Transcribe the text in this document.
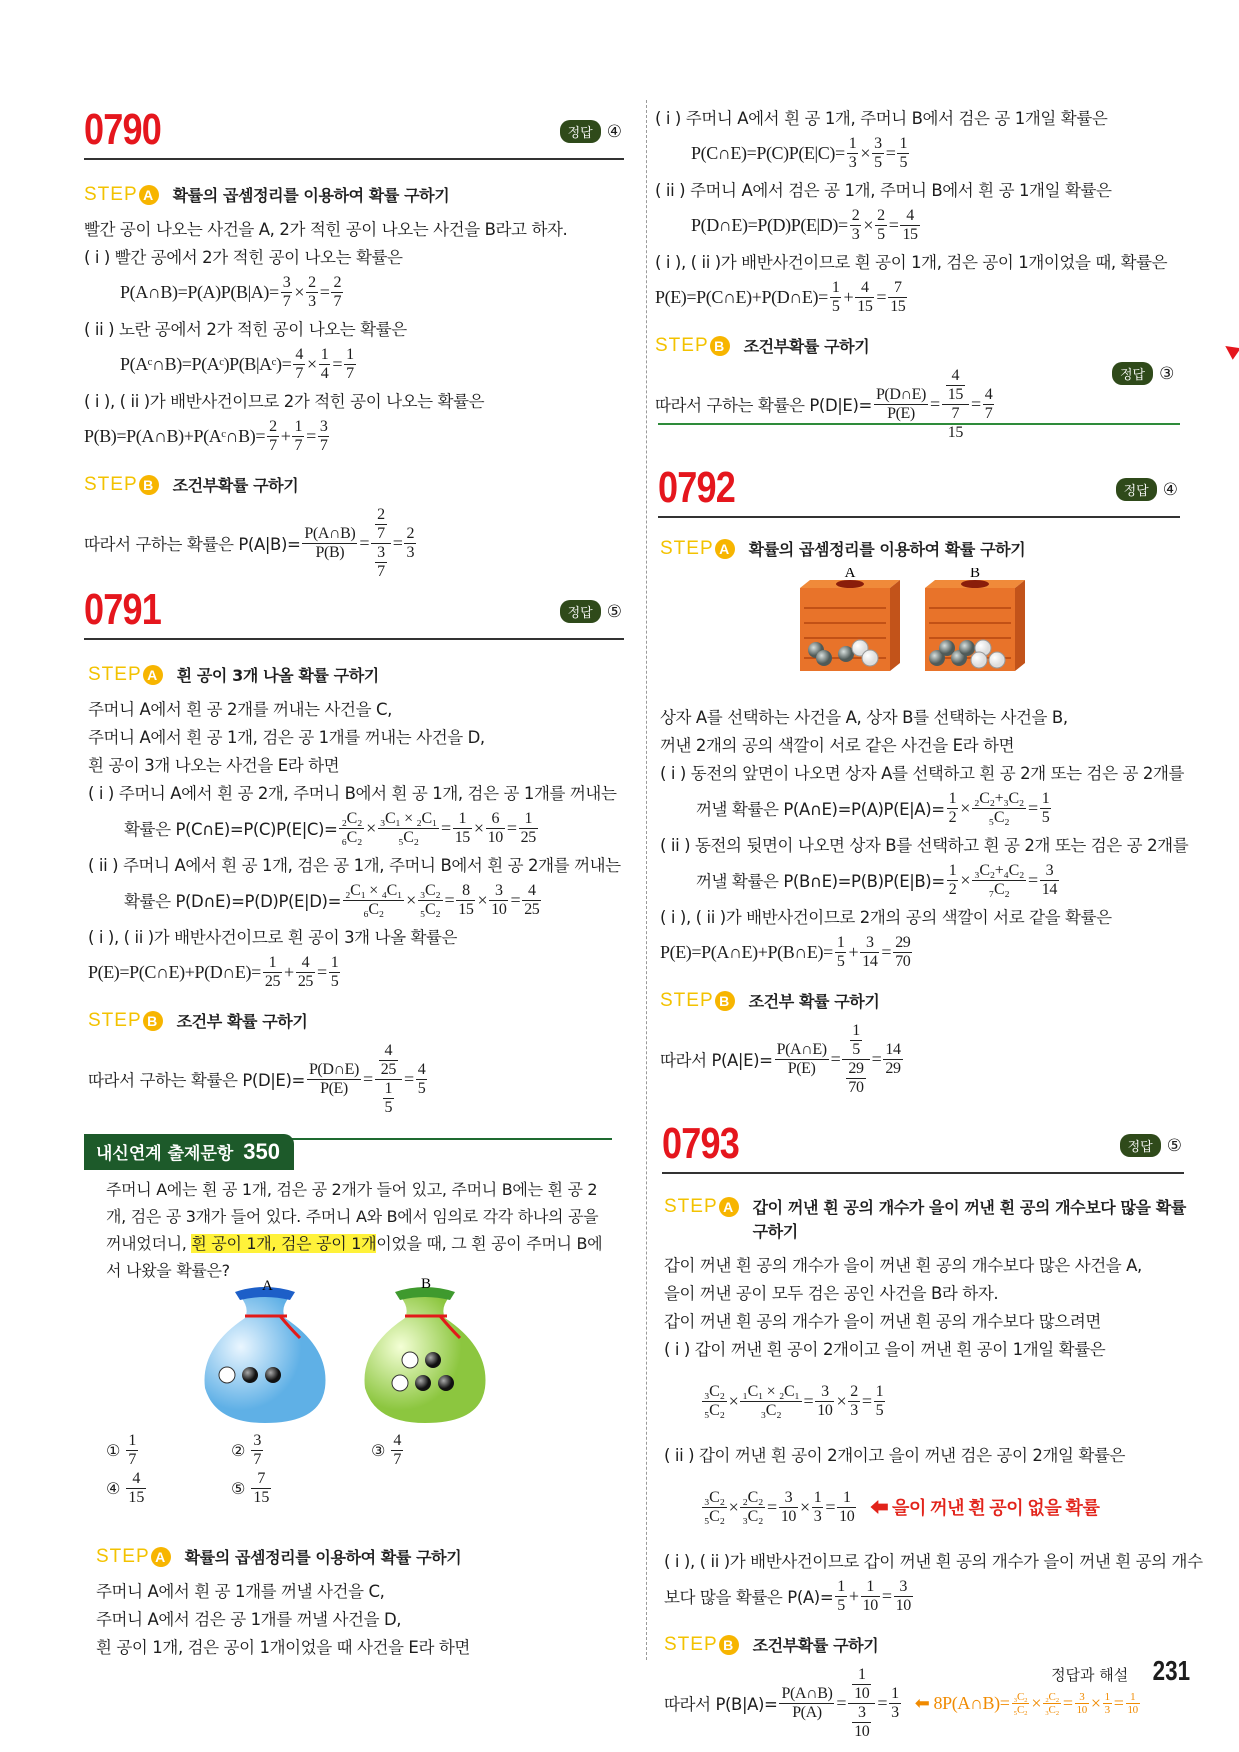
0790	정답 ④
STEP A 확률의 곱셈정리를 이용하여 확률 구하기
빨간 공이 나오는 사건을 A, 2가 적힌 공이 나오는 사건을 B라고 하자.
( i ) 빨간 공에서 2가 적힌 공이 나오는 확률은
P(A∩B)=P(A)P(B|A)= $\frac{3}{7} \times \frac{2}{3} = \frac{2}{7}$
( ii ) 노란 공에서 2가 적힌 공이 나오는 확률은
P(Aᶜ∩B)=P(Aᶜ)P(B|Aᶜ)= $\frac{4}{7} \times \frac{1}{4} = \frac{1}{7}$
( i ), ( ii )가 배반사건이므로 2가 적힌 공이 나오는 확률은
P(B)=P(A∩B)+P(Aᶜ∩B)= $\frac{2}{7} + \frac{1}{7} = \frac{3}{7}$
STEP B 조건부확률 구하기
따라서 구하는 확률은 $P(A|B)= \frac{P(A\cap B)}{P(B)} = \frac{\frac{2}{7}}{\frac{3}{7}} = \frac{2}{3}$
0791	정답 ⑤
STEP A 흰 공이 3개 나올 확률 구하기
주머니 A에서 흰 공 2개를 꺼내는 사건을 C,
주머니 A에서 흰 공 1개, 검은 공 1개를 꺼내는 사건을 D,
흰 공이 3개 나오는 사건을 E라 하면
( i ) 주머니 A에서 흰 공 2개, 주머니 B에서 흰 공 1개, 검은 공 1개를 꺼내는
확률은 P(C∩E)=P(C)P(E|C)= $\frac{\text{₂C₂}}{\text{₆C₂}} \times \frac{\text{₃C₁ × ₂C₁}}{\text{₅C₂}} = \frac{1}{15} \times \frac{6}{10} = \frac{1}{25}$
( ii ) 주머니 A에서 흰 공 1개, 검은 공 1개, 주머니 B에서 흰 공 2개를 꺼내는
확률은 P(D∩E)=P(D)P(E|D)= $\frac{\text{₂C₁ × ₄C₁}}{\text{₆C₂}} \times \frac{\text{₃C₂}}{\text{₅C₂}} = \frac{8}{15} \times \frac{3}{10} = \frac{4}{25}$
( i ), ( ii )가 배반사건이므로 흰 공이 3개 나올 확률은
P(E)=P(C∩E)+P(D∩E)= $\frac{1}{25} + \frac{4}{25} = \frac{1}{5}$
STEP B 조건부 확률 구하기
따라서 구하는 확률은 $P(D|E)= \frac{P(D\cap E)}{P(E)} = \frac{\frac{4}{25}}{\frac{1}{5}} = \frac{4}{5}$
내신연계 출제문항 350
주머니 A에는 흰 공 1개, 검은 공 2개가 들어 있고, 주머니 B에는 흰 공 2개, 검은 공 3개가 들어 있다. 주머니 A와 B에서 임의로 각각 하나의 공을 꺼내었더니, 흰 공이 1개, 검은 공이 1개이었을 때, 그 흰 공이 주머니 B에서 나왔을 확률은?
A	B
① $\frac{1}{7}$	② $\frac{3}{7}$	③ $\frac{4}{7}$
④ $\frac{4}{15}$	⑤ $\frac{7}{15}$
STEP A 확률의 곱셈정리를 이용하여 확률 구하기
주머니 A에서 흰 공 1개를 꺼낼 사건을 C,
주머니 A에서 검은 공 1개를 꺼낼 사건을 D,
흰 공이 1개, 검은 공이 1개이었을 때 사건을 E라 하면
( i ) 주머니 A에서 흰 공 1개, 주머니 B에서 검은 공 1개일 확률은
P(C∩E)=P(C)P(E|C)= $\frac{1}{3} \times \frac{3}{5} = \frac{1}{5}$
( ii ) 주머니 A에서 검은 공 1개, 주머니 B에서 흰 공 1개일 확률은
P(D∩E)=P(D)P(E|D)= $\frac{2}{3} \times \frac{2}{5} = \frac{4}{15}$
( i ), ( ii )가 배반사건이므로 흰 공이 1개, 검은 공이 1개이었을 때, 확률은
P(E)=P(C∩E)+P(D∩E)= $\frac{1}{5} + \frac{4}{15} = \frac{7}{15}$
STEP B 조건부확률 구하기
따라서 구하는 확률은 $P(D|E)= \frac{P(D\cap E)}{P(E)} = \frac{\frac{4}{15}}{\frac{7}{15}} = \frac{4}{7}$
정답 ③
0792	정답 ④
STEP A 확률의 곱셈정리를 이용하여 확률 구하기
A	B
상자 A를 선택하는 사건을 A, 상자 B를 선택하는 사건을 B,
꺼낸 2개의 공의 색깔이 서로 같은 사건을 E라 하면
( i ) 동전의 앞면이 나오면 상자 A를 선택하고 흰 공 2개 또는 검은 공 2개를
꺼낼 확률은 P(A∩E)=P(A)P(E|A)= $\frac{1}{2} \times \frac{\text{₂C₂+₃C₂}}{\text{₅C₂}} = \frac{1}{5}$
( ii ) 동전의 뒷면이 나오면 상자 B를 선택하고 흰 공 2개 또는 검은 공 2개를
꺼낼 확률은 P(B∩E)=P(B)P(E|B)= $\frac{1}{2} \times \frac{\text{₃C₂+₄C₂}}{\text{₇C₂}} = \frac{3}{14}$
( i ), ( ii )가 배반사건이므로 2개의 공의 색깔이 서로 같을 확률은
P(E)=P(A∩E)+P(B∩E)= $\frac{1}{5} + \frac{3}{14} = \frac{29}{70}$
STEP B 조건부 확률 구하기
따라서 $P(A|E)= \frac{P(A\cap E)}{P(E)} = \frac{\frac{1}{5}}{\frac{29}{70}} = \frac{14}{29}$
0793	정답 ⑤
STEP A 갑이 꺼낸 흰 공의 개수가 을이 꺼낸 흰 공의 개수보다 많을 확률 구하기
갑이 꺼낸 흰 공의 개수가 을이 꺼낸 흰 공의 개수보다 많은 사건을 A,
을이 꺼낸 공이 모두 검은 공인 사건을 B라 하자.
갑이 꺼낸 흰 공의 개수가 을이 꺼낸 흰 공의 개수보다 많으려면
( i ) 갑이 꺼낸 흰 공이 2개이고 을이 꺼낸 흰 공이 1개일 확률은
$\frac{\text{₃C₂}}{\text{₅C₂}} \times \frac{\text{₁C₁ × ₂C₁}}{\text{₃C₂}} = \frac{3}{10} \times \frac{2}{3} = \frac{1}{5}$
( ii ) 갑이 꺼낸 흰 공이 2개이고 을이 꺼낸 검은 공이 2개일 확률은
$\frac{\text{₃C₂}}{\text{₅C₂}} \times \frac{\text{₂C₂}}{\text{₃C₂}} = \frac{3}{10} \times \frac{1}{3} = \frac{1}{10}$ ⬅ 을이 꺼낸 흰 공이 없을 확률
( i ), ( ii )가 배반사건이므로 갑이 꺼낸 흰 공의 개수가 을이 꺼낸 흰 공의 개수
보다 많을 확률은 $P(A)= \frac{1}{5} + \frac{1}{10} = \frac{3}{10}$
STEP B 조건부확률 구하기
따라서 $P(B|A)= \frac{P(A\cap B)}{P(A)} = \frac{\frac{1}{10}}{\frac{3}{10}} = \frac{1}{3}$ ⬅ 8P(A∩B)= $\frac{\text{₃C₂}}{\text{₅C₂}} \times \frac{\text{₂C₂}}{\text{₃C₂}} = \frac{3}{10} \times \frac{1}{3} = \frac{1}{10}$
정답과 해설 231
